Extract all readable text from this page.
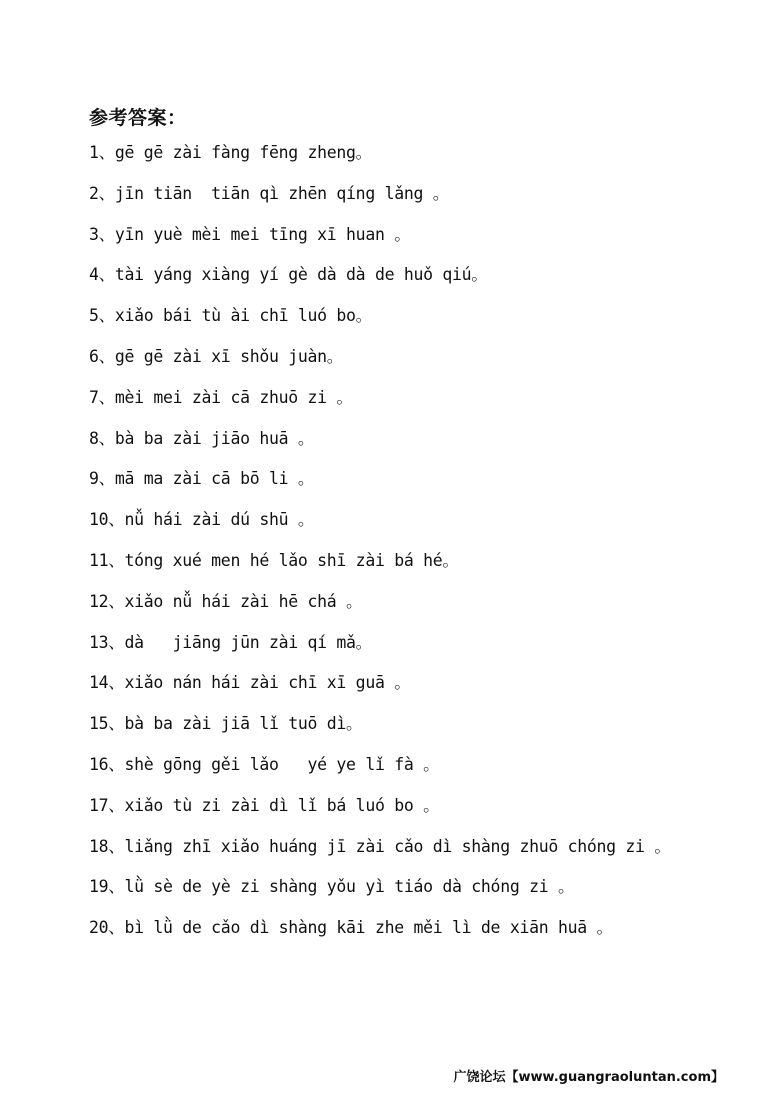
参考答案：
1、gē gē zài fàng fēng zheng。
2、jīn tiān  tiān qì zhēn qíng lǎng 。
3、yīn yuè mèi mei tīng xī huan 。
4、tài yáng xiàng yí gè dà dà de huǒ qiú。
5、xiǎo bái tù ài chī luó bo。
6、gē gē zài xī shǒu juàn。
7、mèi mei zài cā zhuō zi 。
8、bà ba zài jiāo huā 。
9、mā ma zài cā bō li 。
10、nǚ hái zài dú shū 。
11、tóng xué men hé lǎo shī zài bá hé。
12、xiǎo nǚ hái zài hē chá 。
13、dà   jiāng jūn zài qí mǎ。
14、xiǎo nán hái zài chī xī guā 。
15、bà ba zài jiā lǐ tuō dì。
16、shè gōng gěi lǎo   yé ye lǐ fà 。
17、xiǎo tù zi zài dì lǐ bá luó bo 。
18、liǎng zhī xiǎo huáng jī zài cǎo dì shàng zhuō chóng zi 。
19、lǜ sè de yè zi shàng yǒu yì tiáo dà chóng zi 。
20、bì lǜ de cǎo dì shàng kāi zhe měi lì de xiān huā 。
广饶论坛【www.guangraoluntan.com】
